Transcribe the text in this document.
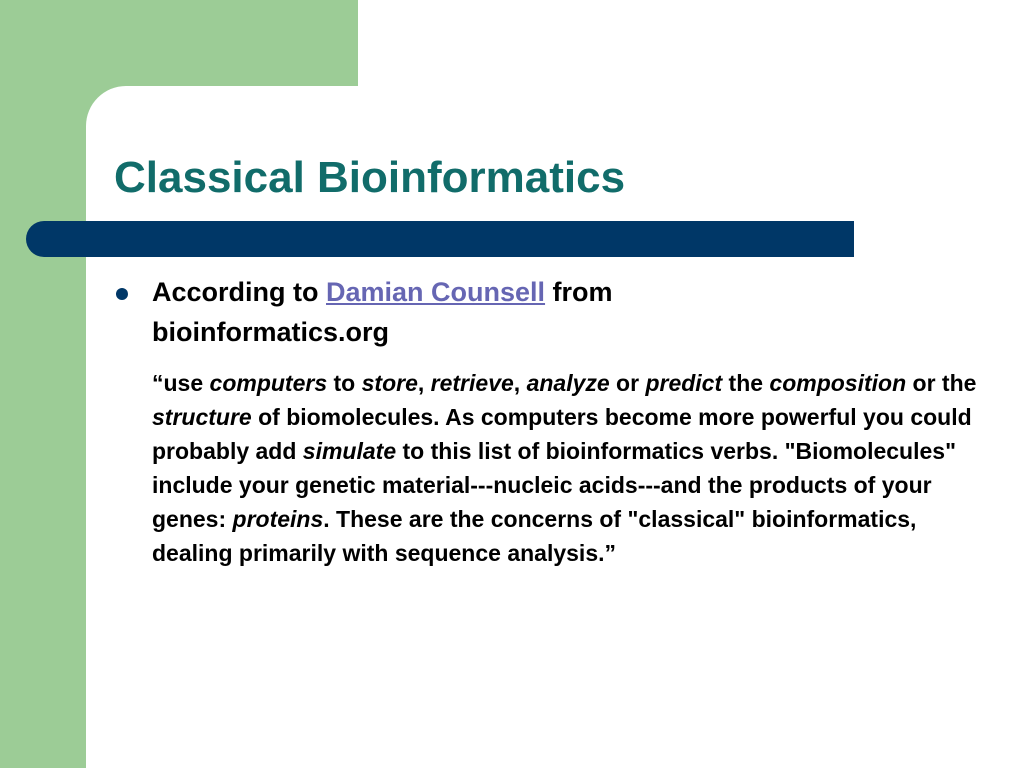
Classical Bioinformatics

According to Damian Counsell from bioinformatics.org

“use computers to store, retrieve, analyze or predict the composition or the structure of biomolecules. As computers become more powerful you could probably add simulate to this list of bioinformatics verbs. "Biomolecules" include your genetic material---nucleic acids---and the products of your genes: proteins. These are the concerns of "classical" bioinformatics, dealing primarily with sequence analysis.”
